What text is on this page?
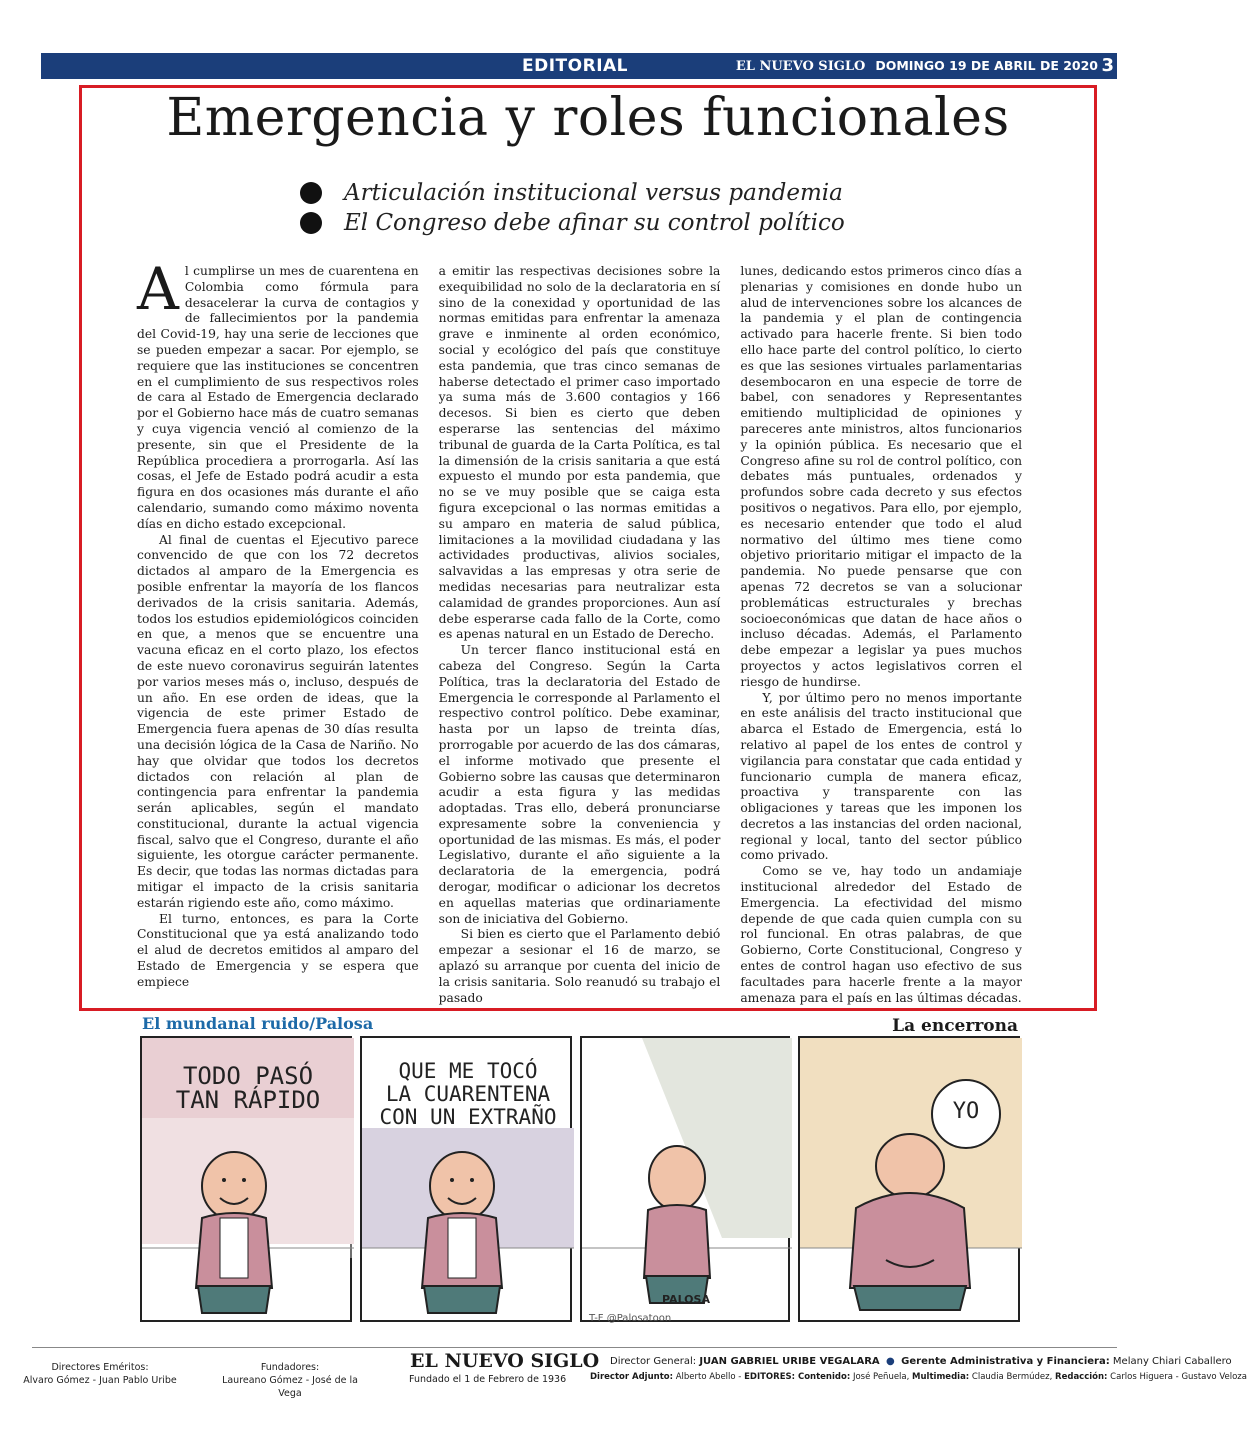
EDITORIAL	EL NUEVO SIGLO DOMINGO 19 DE ABRIL DE 2020 3
Emergencia y roles funcionales
Articulación institucional versus pandemia
El Congreso debe afinar su control político

Al cumplirse un mes de cuarentena en Colombia como fórmula para desacelerar la curva de contagios y de fallecimientos por la pandemia del Covid-19, hay una serie de lecciones que se pueden empezar a sacar. Por ejemplo, se requiere que las instituciones se concentren en el cumplimiento de sus respectivos roles de cara al Estado de Emergencia declarado por el Gobierno hace más de cuatro semanas y cuya vigencia venció al comienzo de la presente, sin que el Presidente de la República procediera a prorrogarla. Así las cosas, el Jefe de Estado podrá acudir a esta figura en dos ocasiones más durante el año calendario, sumando como máximo noventa días en dicho estado excepcional.

Al final de cuentas el Ejecutivo parece convencido de que con los 72 decretos dictados al amparo de la Emergencia es posible enfrentar la mayoría de los flancos derivados de la crisis sanitaria. Además, todos los estudios epidemiológicos coinciden en que, a menos que se encuentre una vacuna eficaz en el corto plazo, los efectos de este nuevo coronavirus seguirán latentes por varios meses más o, incluso, después de un año. En ese orden de ideas, que la vigencia de este primer Estado de Emergencia fuera apenas de 30 días resulta una decisión lógica de la Casa de Nariño. No hay que olvidar que todos los decretos dictados con relación al plan de contingencia para enfrentar la pandemia serán aplicables, según el mandato constitucional, durante la actual vigencia fiscal, salvo que el Congreso, durante el año siguiente, les otorgue carácter permanente. Es decir, que todas las normas dictadas para mitigar el impacto de la crisis sanitaria estarán rigiendo este año, como máximo.

El turno, entonces, es para la Corte Constitucional que ya está analizando todo el alud de decretos emitidos al amparo del Estado de Emergencia y se espera que empiece

a emitir las respectivas decisiones sobre la exequibilidad no solo de la declaratoria en sí sino de la conexidad y oportunidad de las normas emitidas para enfrentar la amenaza grave e inminente al orden económico, social y ecológico del país que constituye esta pandemia, que tras cinco semanas de haberse detectado el primer caso importado ya suma más de 3.600 contagios y 166 decesos. Si bien es cierto que deben esperarse las sentencias del máximo tribunal de guarda de la Carta Política, es tal la dimensión de la crisis sanitaria a que está expuesto el mundo por esta pandemia, que no se ve muy posible que se caiga esta figura excepcional o las normas emitidas a su amparo en materia de salud pública, limitaciones a la movilidad ciudadana y las actividades productivas, alivios sociales, salvavidas a las empresas y otra serie de medidas necesarias para neutralizar esta calamidad de grandes proporciones. Aun así debe esperarse cada fallo de la Corte, como es apenas natural en un Estado de Derecho.

Un tercer flanco institucional está en cabeza del Congreso. Según la Carta Política, tras la declaratoria del Estado de Emergencia le corresponde al Parlamento el respectivo control político. Debe examinar, hasta por un lapso de treinta días, prorrogable por acuerdo de las dos cámaras, el informe motivado que presente el Gobierno sobre las causas que determinaron acudir a esta figura y las medidas adoptadas. Tras ello, deberá pronunciarse expresamente sobre la conveniencia y oportunidad de las mismas. Es más, el poder Legislativo, durante el año siguiente a la declaratoria de la emergencia, podrá derogar, modificar o adicionar los decretos en aquellas materias que ordinariamente son de iniciativa del Gobierno.

Si bien es cierto que el Parlamento debió empezar a sesionar el 16 de marzo, se aplazó su arranque por cuenta del inicio de la crisis sanitaria. Solo reanudó su trabajo el pasado

lunes, dedicando estos primeros cinco días a plenarias y comisiones en donde hubo un alud de intervenciones sobre los alcances de la pandemia y el plan de contingencia activado para hacerle frente. Si bien todo ello hace parte del control político, lo cierto es que las sesiones virtuales parlamentarias desembocaron en una especie de torre de babel, con senadores y Representantes emitiendo multiplicidad de opiniones y pareceres ante ministros, altos funcionarios y la opinión pública. Es necesario que el Congreso afine su rol de control político, con debates más puntuales, ordenados y profundos sobre cada decreto y sus efectos positivos o negativos. Para ello, por ejemplo, es necesario entender que todo el alud normativo del último mes tiene como objetivo prioritario mitigar el impacto de la pandemia. No puede pensarse que con apenas 72 decretos se van a solucionar problemáticas estructurales y brechas socioeconómicas que datan de hace años o incluso décadas. Además, el Parlamento debe empezar a legislar ya pues muchos proyectos y actos legislativos corren el riesgo de hundirse.

Y, por último pero no menos importante en este análisis del tracto institucional que abarca el Estado de Emergencia, está lo relativo al papel de los entes de control y vigilancia para constatar que cada entidad y funcionario cumpla de manera eficaz, proactiva y transparente con las obligaciones y tareas que les imponen los decretos a las instancias del orden nacional, regional y local, tanto del sector público como privado.

Como se ve, hay todo un andamiaje institucional alrededor del Estado de Emergencia. La efectividad del mismo depende de que cada quien cumpla con su rol funcional. En otras palabras, de que Gobierno, Corte Constitucional, Congreso y entes de control hagan uso efectivo de sus facultades para hacerle frente a la mayor amenaza para el país en las últimas décadas.

El mundanal ruido/Palosa	La encerrona
TODO PASÓ
TAN RÁPIDO
QUE ME TOCÓ
LA CUARENTENA
CON UN EXTRAÑO
PALOSA
YO
T-F @Palosatoon
Directores Eméritos:
Alvaro Gómez - Juan Pablo Uribe
Fundadores:
Laureano Gómez - José de la Vega
EL NUEVO SIGLO
Fundado el 1 de Febrero de 1936
Director General: JUAN GABRIEL URIBE VEGALARA  ●  Gerente Administrativa y Financiera: Melany Chiari Caballero
Director Adjunto: Alberto Abello - EDITORES: Contenido: José Peñuela, Multimedia: Claudia Bermúdez, Redacción: Carlos Higuera - Gustavo Veloza
